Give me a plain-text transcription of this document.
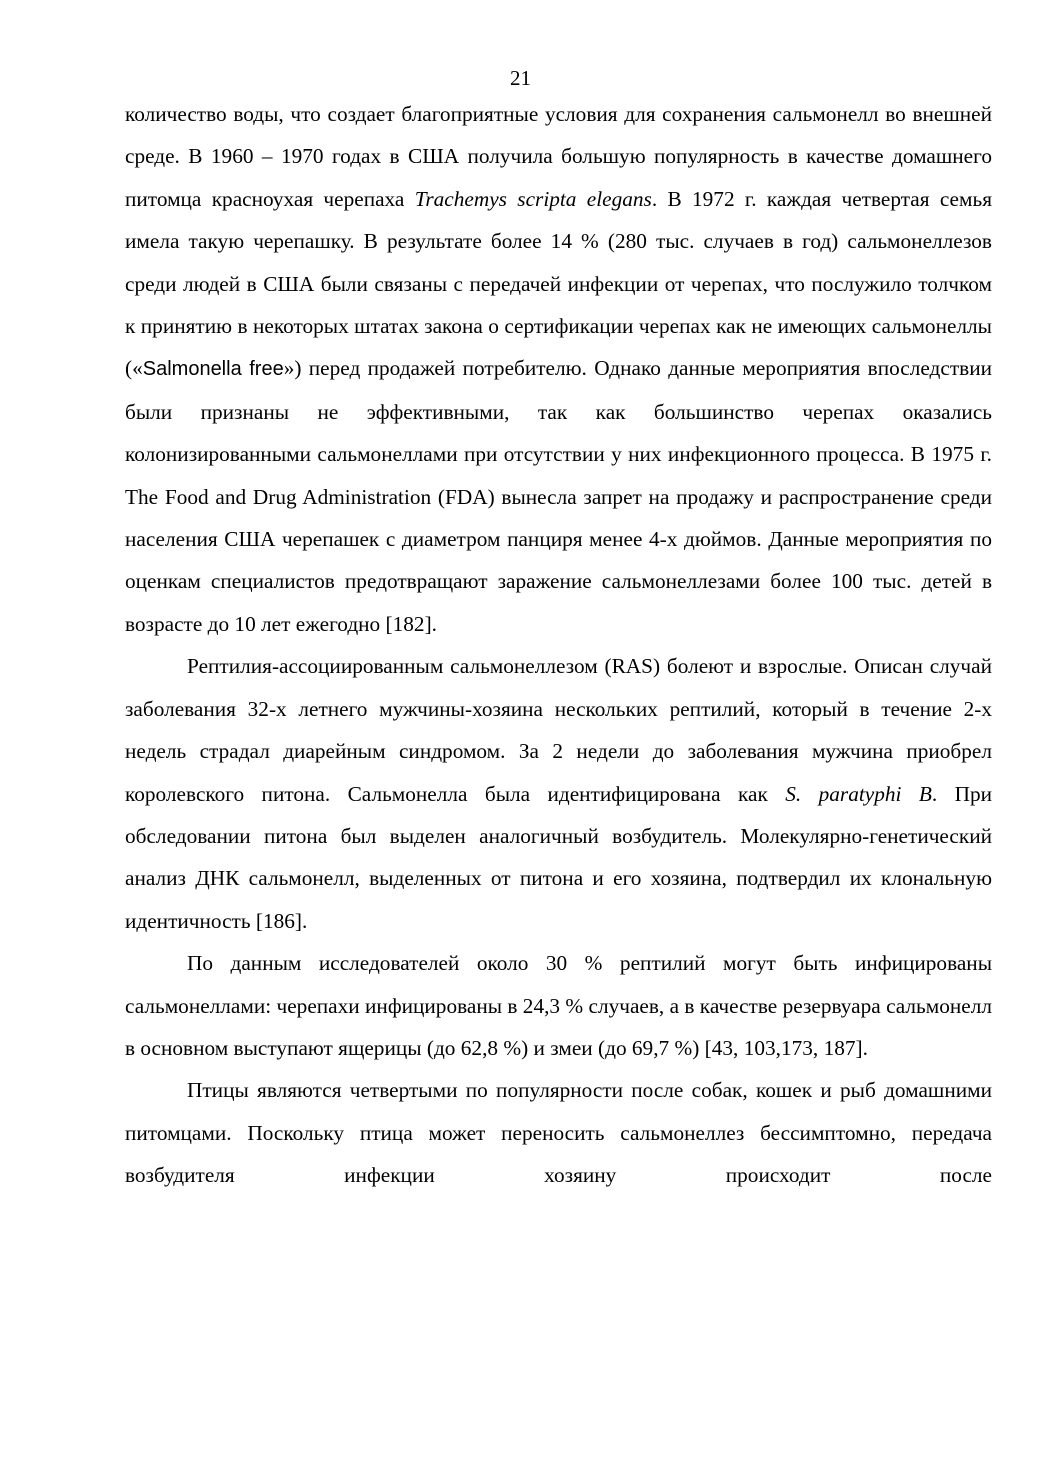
21

количество воды, что создает благоприятные условия для сохранения сальмонелл во внешней среде. В 1960 – 1970 годах в США получила большую популярность в качестве домашнего питомца красноухая черепаха Trachemys scripta elegans. В 1972 г. каждая четвертая семья имела такую черепашку. В результате более 14 % (280 тыс. случаев в год) сальмонеллезов среди людей в США были связаны с передачей инфекции от черепах, что послужило толчком к принятию в некоторых штатах закона о сертификации черепах как не имеющих сальмонеллы («Salmonella free») перед продажей потребителю. Однако данные мероприятия впоследствии были признаны не эффективными, так как большинство черепах оказались колонизированными сальмонеллами при отсутствии у них инфекционного процесса. В 1975 г. The Food and Drug Administration (FDA) вынесла запрет на продажу и распространение среди населения США черепашек с диаметром панциря менее 4-х дюймов. Данные мероприятия по оценкам специалистов предотвращают заражение сальмонеллезами более 100 тыс. детей в возрасте до 10 лет ежегодно [182].

Рептилия-ассоциированным сальмонеллезом (RAS) болеют и взрослые. Описан случай заболевания 32-х летнего мужчины-хозяина нескольких рептилий, который в течение 2-х недель страдал диарейным синдромом. За 2 недели до заболевания мужчина приобрел королевского питона. Сальмонелла была идентифицирована как S. paratyphi B. При обследовании питона был выделен аналогичный возбудитель. Молекулярно-генетический анализ ДНК сальмонелл, выделенных от питона и его хозяина, подтвердил их клональную идентичность [186].

По данным исследователей около 30 % рептилий могут быть инфицированы сальмонеллами: черепахи инфицированы в 24,3 % случаев, а в качестве резервуара сальмонелл в основном выступают ящерицы (до 62,8 %) и змеи (до 69,7 %) [43, 103,173, 187].

Птицы являются четвертыми по популярности после собак, кошек и рыб домашними питомцами. Поскольку птица может переносить сальмонеллез бессимптомно, передача возбудителя инфекции хозяину происходит после
